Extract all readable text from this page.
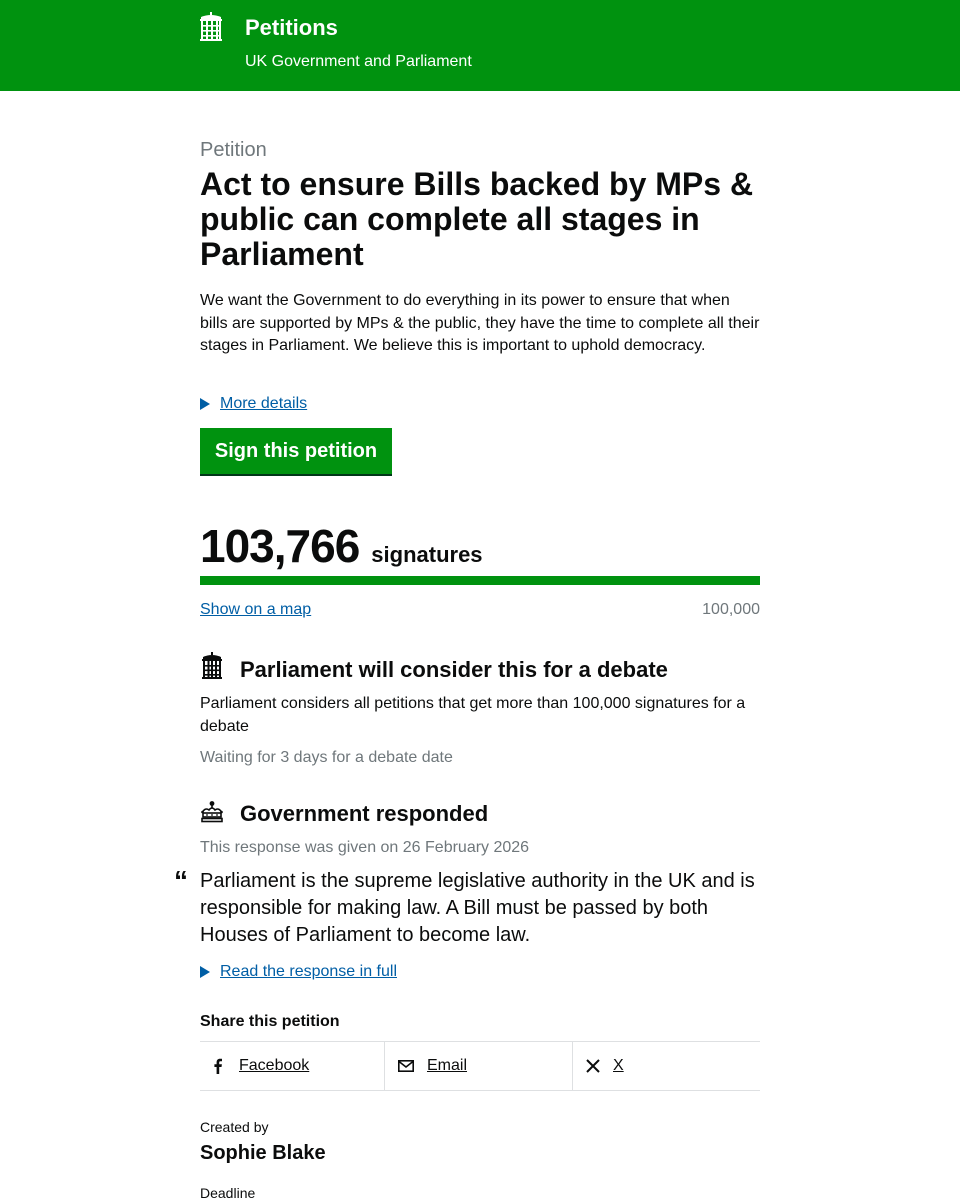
Petitions
UK Government and Parliament
Petition
Act to ensure Bills backed by MPs & public can complete all stages in Parliament

We want the Government to do everything in its power to ensure that when bills are supported by MPs & the public, they have the time to complete all their stages in Parliament. We believe this is important to uphold democracy.

More details
Sign this petition
103,766 signatures
Show on a map	100,000
Parliament will consider this for a debate

Parliament considers all petitions that get more than 100,000 signatures for a debate

Waiting for 3 days for a debate date

Government responded

This response was given on 26 February 2026

“ Parliament is the supreme legislative authority in the UK and is responsible for making law. A Bill must be passed by both Houses of Parliament to become law.
Read the response in full
Share this petition
Facebook	Email	X
Created by
Sophie Blake
Deadline
